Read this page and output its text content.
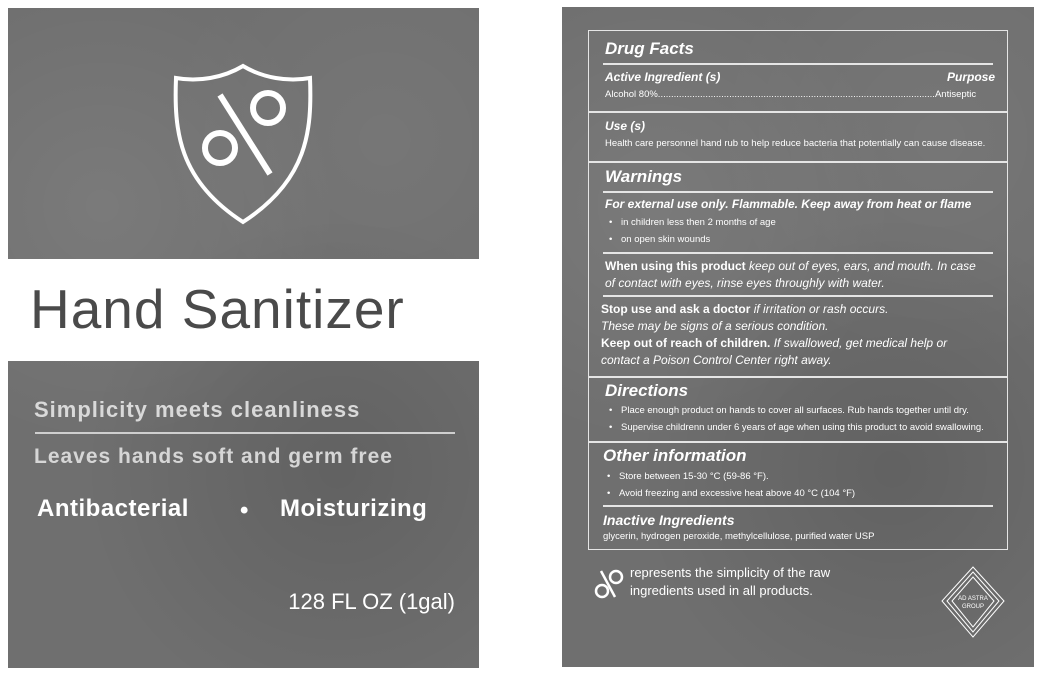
Hand Sanitizer
Simplicity meets cleanliness
Leaves hands soft and germ free
Antibacterial • Moisturizing
128 FL OZ (1gal)
Drug Facts
Active Ingredient (s)	Purpose
Alcohol 80%.........................................................................................................Antiseptic
Use (s)
Health care personnel hand rub to help reduce bacteria that potentially can cause disease.
Warnings
For external use only. Flammable. Keep away from heat or flame
• in children less then 2 months of age
• on open skin wounds
When using this product keep out of eyes, ears, and mouth. In case
of contact with eyes, rinse eyes throughly with water.
Stop use and ask a doctor if irritation or rash occurs.
These may be signs of a serious condition.
Keep out of reach of children. If swallowed, get medical help or
contact a Poison Control Center right away.
Directions
• Place enough product on hands to cover all surfaces. Rub hands together until dry.
• Supervise childrenn under 6 years of age when using this product to avoid swallowing.
Other information
• Store between 15-30 °C (59-86 °F).
• Avoid freezing and excessive heat above 40 °C (104 °F)
Inactive Ingredients
glycerin, hydrogen peroxide, methylcellulose, purified water USP
represents the simplicity of the raw
ingredients used in all products.
AD ASTRA
GROUP
